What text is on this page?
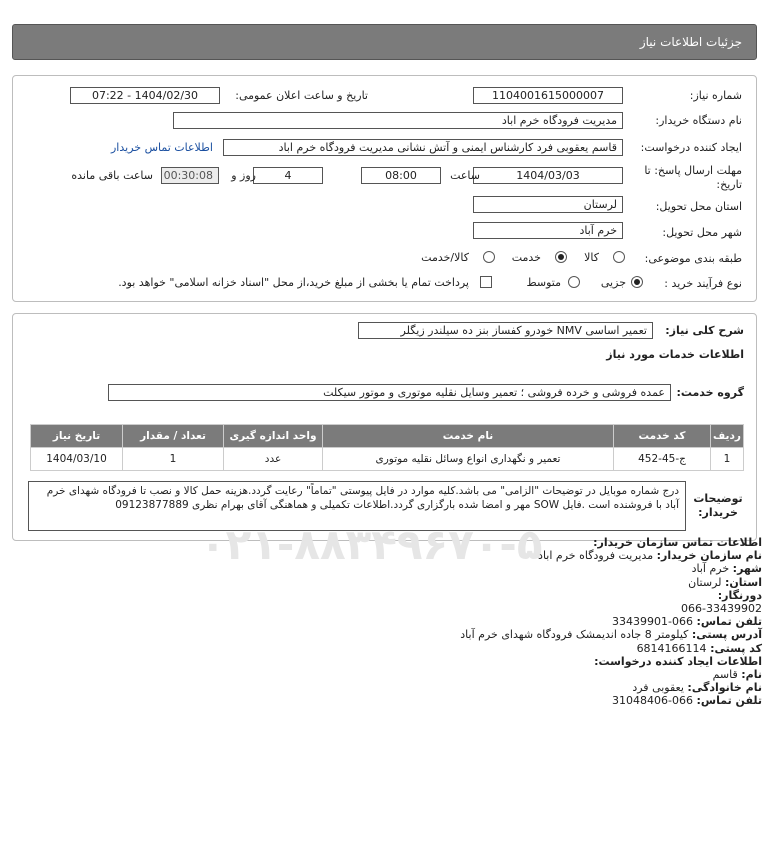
جزئیات اطلاعات نیاز
شماره نیاز:
1104001615000007
تاریخ و ساعت اعلان عمومی:
1404/02/30 - 07:22
نام دستگاه خریدار:
مدیریت فرودگاه خرم اباد
ایجاد کننده درخواست:
قاسم یعقوبی فرد کارشناس ایمنی و آتش نشانی مدیریت فرودگاه خرم اباد
اطلاعات تماس خریدار
مهلت ارسال پاسخ: تا تاریخ:
1404/03/03
ساعت
08:00
4
روز و
00:30:08
ساعت باقی مانده
استان محل تحویل:
لرستان
شهر محل تحویل:
خرم آباد
طبقه بندی موضوعی:
کالا
خدمت
کالا/خدمت
نوع فرآیند خرید :
جزیی
متوسط
پرداخت تمام یا بخشی از مبلغ خرید،از محل "اسناد خزانه اسلامی" خواهد بود.
شرح کلی نیاز:
تعمیر اساسی NMV خودرو کفساز بنز ده سیلندر زیگلر
اطلاعات خدمات مورد نیاز
گروه خدمت:
عمده فروشی و خرده فروشی ؛ تعمیر وسایل نقلیه موتوری و موتور سیکلت
توضیحات خریدار:
ردیف	کد خدمت	نام خدمت	واحد اندازه گیری	تعداد / مقدار	تاریخ نیاز
1	ج-45-452	تعمیر و نگهداری انواع وسائل نقلیه موتوری	عدد	1	1404/03/10
درج شماره موبایل در توضیحات "الزامی" می باشد.کلیه موارد در فایل پیوستی "تماماً" رعایت گردد.هزینه حمل کالا و نصب تا فرودگاه شهدای خرم آباد با فروشنده است .فایل SOW مهر و امضا شده بارگزاری گردد.اطلاعات تکمیلی و هماهنگی آقای بهرام نظری 09123877889
۰۲۱-۸۸۳۴۹۶۷۰-۵	اطلاعات تماس سازمان خریدار:
نام سازمان خریدار: مدیریت فرودگاه خرم اباد
شهر: خرم آباد
استان: لرستان
دورنگار:
066-33439902
تلفن تماس: 066-33439901
آدرس پستی: کیلومتر 8 جاده اندیمشک فرودگاه شهدای خرم آباد
کد پستی: 6814166114
اطلاعات ایجاد کننده درخواست:
نام: قاسم
نام خانوادگی: یعقوبی فرد
تلفن تماس: 066-31048406
